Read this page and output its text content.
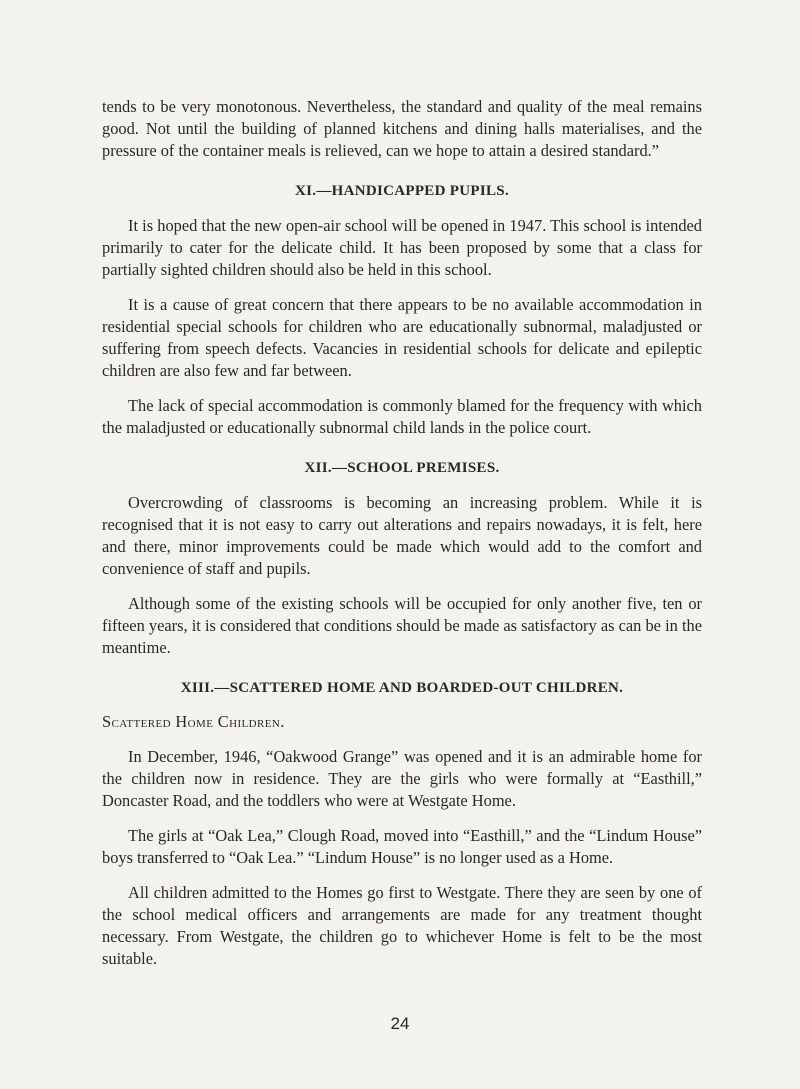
tends to be very monotonous. Nevertheless, the standard and quality of the meal remains good. Not until the building of planned kitchens and dining halls materialises, and the pressure of the container meals is relieved, can we hope to attain a desired standard.”

XI.—HANDICAPPED PUPILS.

It is hoped that the new open-air school will be opened in 1947. This school is intended primarily to cater for the delicate child. It has been proposed by some that a class for partially sighted children should also be held in this school.

It is a cause of great concern that there appears to be no available accommodation in residential special schools for children who are educationally subnormal, maladjusted or suffering from speech defects. Vacancies in residential schools for delicate and epileptic children are also few and far between.

The lack of special accommodation is commonly blamed for the frequency with which the maladjusted or educationally subnormal child lands in the police court.

XII.—SCHOOL PREMISES.

Overcrowding of classrooms is becoming an increasing problem. While it is recognised that it is not easy to carry out alterations and repairs nowadays, it is felt, here and there, minor improvements could be made which would add to the comfort and convenience of staff and pupils.

Although some of the existing schools will be occupied for only another five, ten or fifteen years, it is considered that conditions should be made as satisfactory as can be in the meantime.

XIII.—SCATTERED HOME AND BOARDED-OUT CHILDREN.
Scattered Home Children.

In December, 1946, “Oakwood Grange” was opened and it is an admirable home for the children now in residence. They are the girls who were formally at “Easthill,” Doncaster Road, and the toddlers who were at Westgate Home.

The girls at “Oak Lea,” Clough Road, moved into “Easthill,” and the “Lindum House” boys transferred to “Oak Lea.” “Lindum House” is no longer used as a Home.

All children admitted to the Homes go first to Westgate. There they are seen by one of the school medical officers and arrangements are made for any treatment thought necessary. From Westgate, the children go to whichever Home is felt to be the most suitable.

24
